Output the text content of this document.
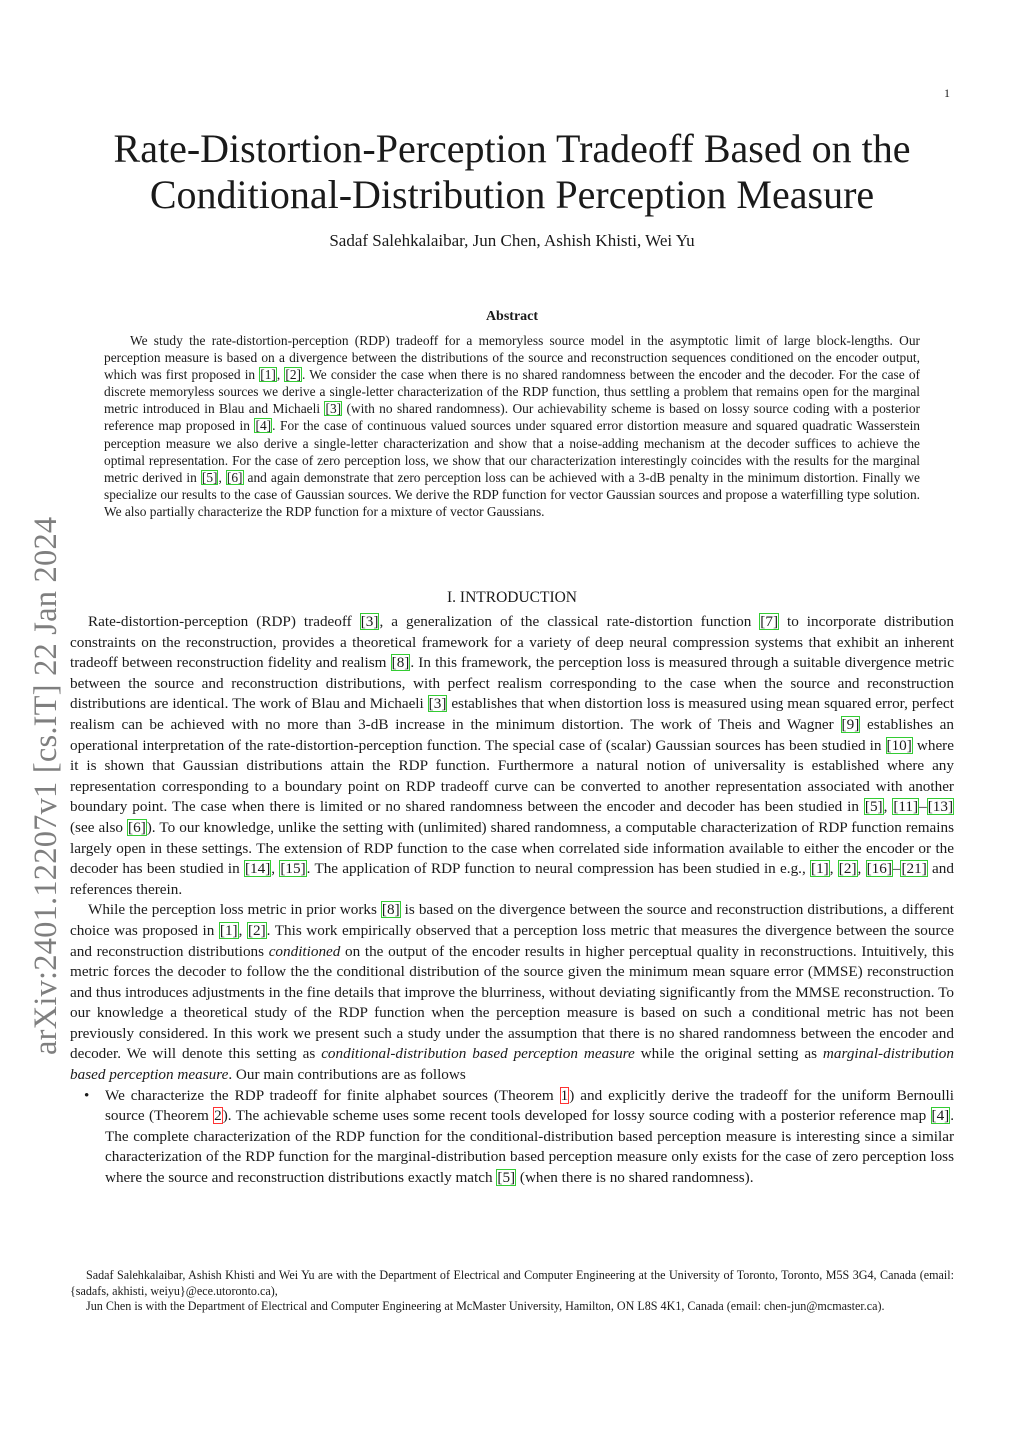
1
arXiv:2401.12207v1 [cs.IT] 22 Jan 2024
Rate-Distortion-Perception Tradeoff Based on the
Conditional-Distribution Perception Measure
Sadaf Salehkalaibar, Jun Chen, Ashish Khisti, Wei Yu
Abstract

We study the rate-distortion-perception (RDP) tradeoff for a memoryless source model in the asymptotic limit of large block-lengths. Our perception measure is based on a divergence between the distributions of the source and reconstruction sequences conditioned on the encoder output, which was first proposed in [1], [2]. We consider the case when there is no shared randomness between the encoder and the decoder. For the case of discrete memoryless sources we derive a single-letter characterization of the RDP function, thus settling a problem that remains open for the marginal metric introduced in Blau and Michaeli [3] (with no shared randomness). Our achievability scheme is based on lossy source coding with a posterior reference map proposed in [4]. For the case of continuous valued sources under squared error distortion measure and squared quadratic Wasserstein perception measure we also derive a single-letter characterization and show that a noise-adding mechanism at the decoder suffices to achieve the optimal representation. For the case of zero perception loss, we show that our characterization interestingly coincides with the results for the marginal metric derived in [5], [6] and again demonstrate that zero perception loss can be achieved with a 3-dB penalty in the minimum distortion. Finally we specialize our results to the case of Gaussian sources. We derive the RDP function for vector Gaussian sources and propose a waterfilling type solution. We also partially characterize the RDP function for a mixture of vector Gaussians.

I. INTRODUCTION

Rate-distortion-perception (RDP) tradeoff [3], a generalization of the classical rate-distortion function [7] to incorporate distribution constraints on the reconstruction, provides a theoretical framework for a variety of deep neural compression systems that exhibit an inherent tradeoff between reconstruction fidelity and realism [8]. In this framework, the perception loss is measured through a suitable divergence metric between the source and reconstruction distributions, with perfect realism corresponding to the case when the source and reconstruction distributions are identical. The work of Blau and Michaeli [3] establishes that when distortion loss is measured using mean squared error, perfect realism can be achieved with no more than 3-dB increase in the minimum distortion. The work of Theis and Wagner [9] establishes an operational interpretation of the rate-distortion-perception function. The special case of (scalar) Gaussian sources has been studied in [10] where it is shown that Gaussian distributions attain the RDP function. Furthermore a natural notion of universality is established where any representation corresponding to a boundary point on RDP tradeoff curve can be converted to another representation associated with another boundary point. The case when there is limited or no shared randomness between the encoder and decoder has been studied in [5], [11]–[13] (see also [6]). To our knowledge, unlike the setting with (unlimited) shared randomness, a computable characterization of RDP function remains largely open in these settings. The extension of RDP function to the case when correlated side information available to either the encoder or the decoder has been studied in [14], [15]. The application of RDP function to neural compression has been studied in e.g., [1], [2], [16]–[21] and references therein.

While the perception loss metric in prior works [8] is based on the divergence between the source and reconstruction distributions, a different choice was proposed in [1], [2]. This work empirically observed that a perception loss metric that measures the divergence between the source and reconstruction distributions conditioned on the output of the encoder results in higher perceptual quality in reconstructions. Intuitively, this metric forces the decoder to follow the the conditional distribution of the source given the minimum mean square error (MMSE) reconstruction and thus introduces adjustments in the fine details that improve the blurriness, without deviating significantly from the MMSE reconstruction. To our knowledge a theoretical study of the RDP function when the perception measure is based on such a conditional metric has not been previously considered. In this work we present such a study under the assumption that there is no shared randomness between the encoder and decoder. We will denote this setting as conditional-distribution based perception measure while the original setting as marginal-distribution based perception measure. Our main contributions are as follows

• We characterize the RDP tradeoff for finite alphabet sources (Theorem 1) and explicitly derive the tradeoff for the uniform Bernoulli source (Theorem 2). The achievable scheme uses some recent tools developed for lossy source coding with a posterior reference map [4]. The complete characterization of the RDP function for the conditional-distribution based perception measure is interesting since a similar characterization of the RDP function for the marginal-distribution based perception measure only exists for the case of zero perception loss where the source and reconstruction distributions exactly match [5] (when there is no shared randomness).

Sadaf Salehkalaibar, Ashish Khisti and Wei Yu are with the Department of Electrical and Computer Engineering at the University of Toronto, Toronto, M5S 3G4, Canada (email:{sadafs, akhisti, weiyu}@ece.utoronto.ca),

Jun Chen is with the Department of Electrical and Computer Engineering at McMaster University, Hamilton, ON L8S 4K1, Canada (email: chen-jun@mcmaster.ca).
